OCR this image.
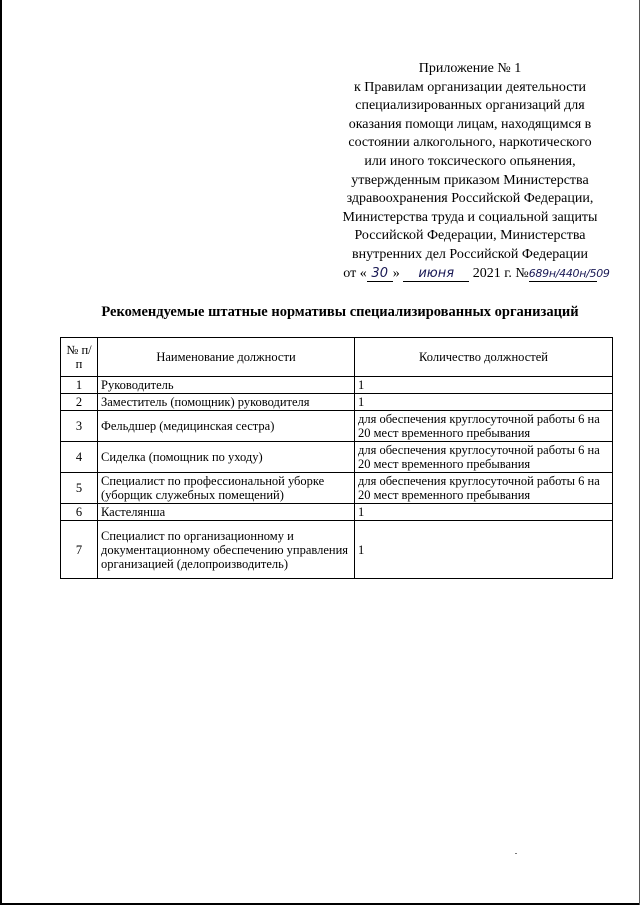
Приложение № 1
к Правилам организации деятельности
специализированных организаций для
оказания помощи лицам, находящимся в
состоянии алкогольного, наркотического
или иного токсического опьянения,
утвержденным приказом Министерства
здравоохранения Российской Федерации,
Министерства труда и социальной защиты
Российской Федерации, Министерства
внутренних дел Российской Федерации
от « 30 » июня 2021 г. №689н/440н/509
Рекомендуемые штатные нормативы специализированных организаций
№ п/п	Наименование должности	Количество должностей
1	Руководитель	1
2	Заместитель (помощник) руководителя	1
3	Фельдшер (медицинская сестра)	для обеспечения круглосуточной работы 6 на 20 мест временного пребывания
4	Сиделка (помощник по уходу)	для обеспечения круглосуточной работы 6 на 20 мест временного пребывания
5	Специалист по профессиональной уборке (уборщик служебных помещений)	для обеспечения круглосуточной работы 6 на 20 мест временного пребывания
6	Кастелянша	1
7	Специалист по организационному и документационному обеспечению управления организацией (делопроизводитель)	1
